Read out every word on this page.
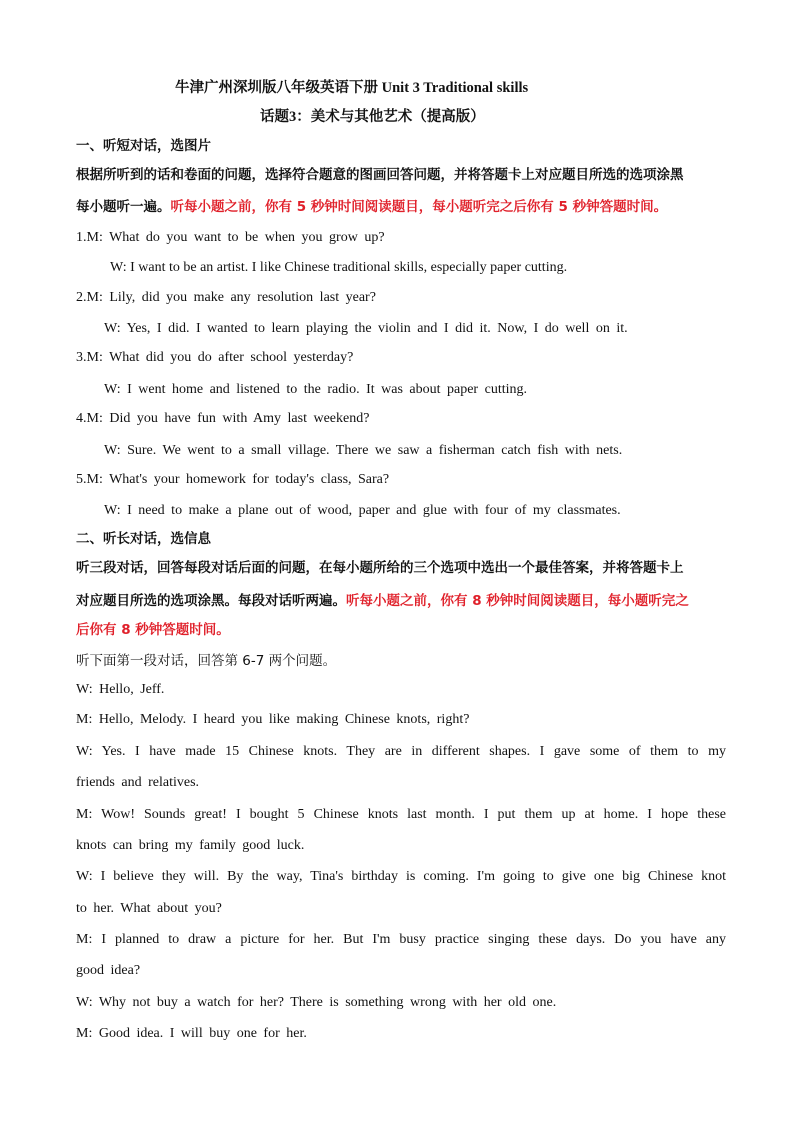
牛津广州深圳版八年级英语下册 Unit 3 Traditional skills
话题3：美术与其他艺术（提高版）
一、听短对话，选图片
根据所听到的话和卷面的问题，选择符合题意的图画回答问题，并将答题卡上对应题目所选的选项涂黑
每小题听一遍。听每小题之前，你有 5 秒钟时间阅读题目，每小题听完之后你有 5 秒钟答题时间。
1.M: What do you want to be when you grow up?
W: I want to be an artist. I like Chinese traditional skills, especially paper cutting.
2.M: Lily, did you make any resolution last year?
W: Yes, I did. I wanted to learn playing the violin and I did it. Now, I do well on it.
3.M: What did you do after school yesterday?
W: I went home and listened to the radio. It was about paper cutting.
4.M: Did you have fun with Amy last weekend?
W: Sure. We went to a small village. There we saw a fisherman catch fish with nets.
5.M: What's your homework for today's class, Sara?
W: I need to make a plane out of wood, paper and glue with four of my classmates.
二、听长对话，选信息
听三段对话，回答每段对话后面的问题，在每小题所给的三个选项中选出一个最佳答案，并将答题卡上
对应题目所选的选项涂黑。每段对话听两遍。听每小题之前，你有 8 秒钟时间阅读题目，每小题听完之
后你有 8 秒钟答题时间。
听下面第一段对话，回答第 6-7 两个问题。
W: Hello, Jeff.
M: Hello, Melody. I heard you like making Chinese knots, right?
W: Yes. I have made 15 Chinese knots. They are in different shapes. I gave some of them to my
friends and relatives.
M: Wow! Sounds great! I bought 5 Chinese knots last month. I put them up at home. I hope these
knots can bring my family good luck.
W: I believe they will. By the way, Tina's birthday is coming. I'm going to give one big Chinese knot
to her. What about you?
M: I planned to draw a picture for her. But I'm busy practice singing these days. Do you have any
good idea?
W: Why not buy a watch for her? There is something wrong with her old one.
M: Good idea. I will buy one for her.
